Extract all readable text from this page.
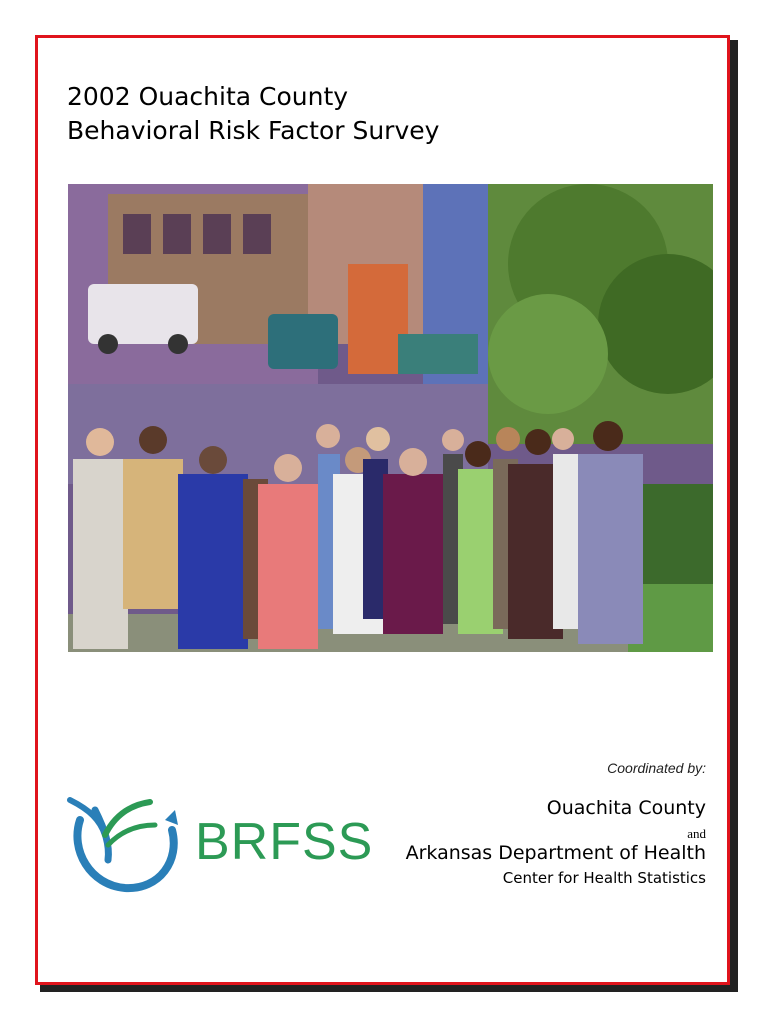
2002 Ouachita County
Behavioral Risk Factor Survey
Coordinated by:
Ouachita County
and
Arkansas Department of Health
Center for Health Statistics
BRFSS
